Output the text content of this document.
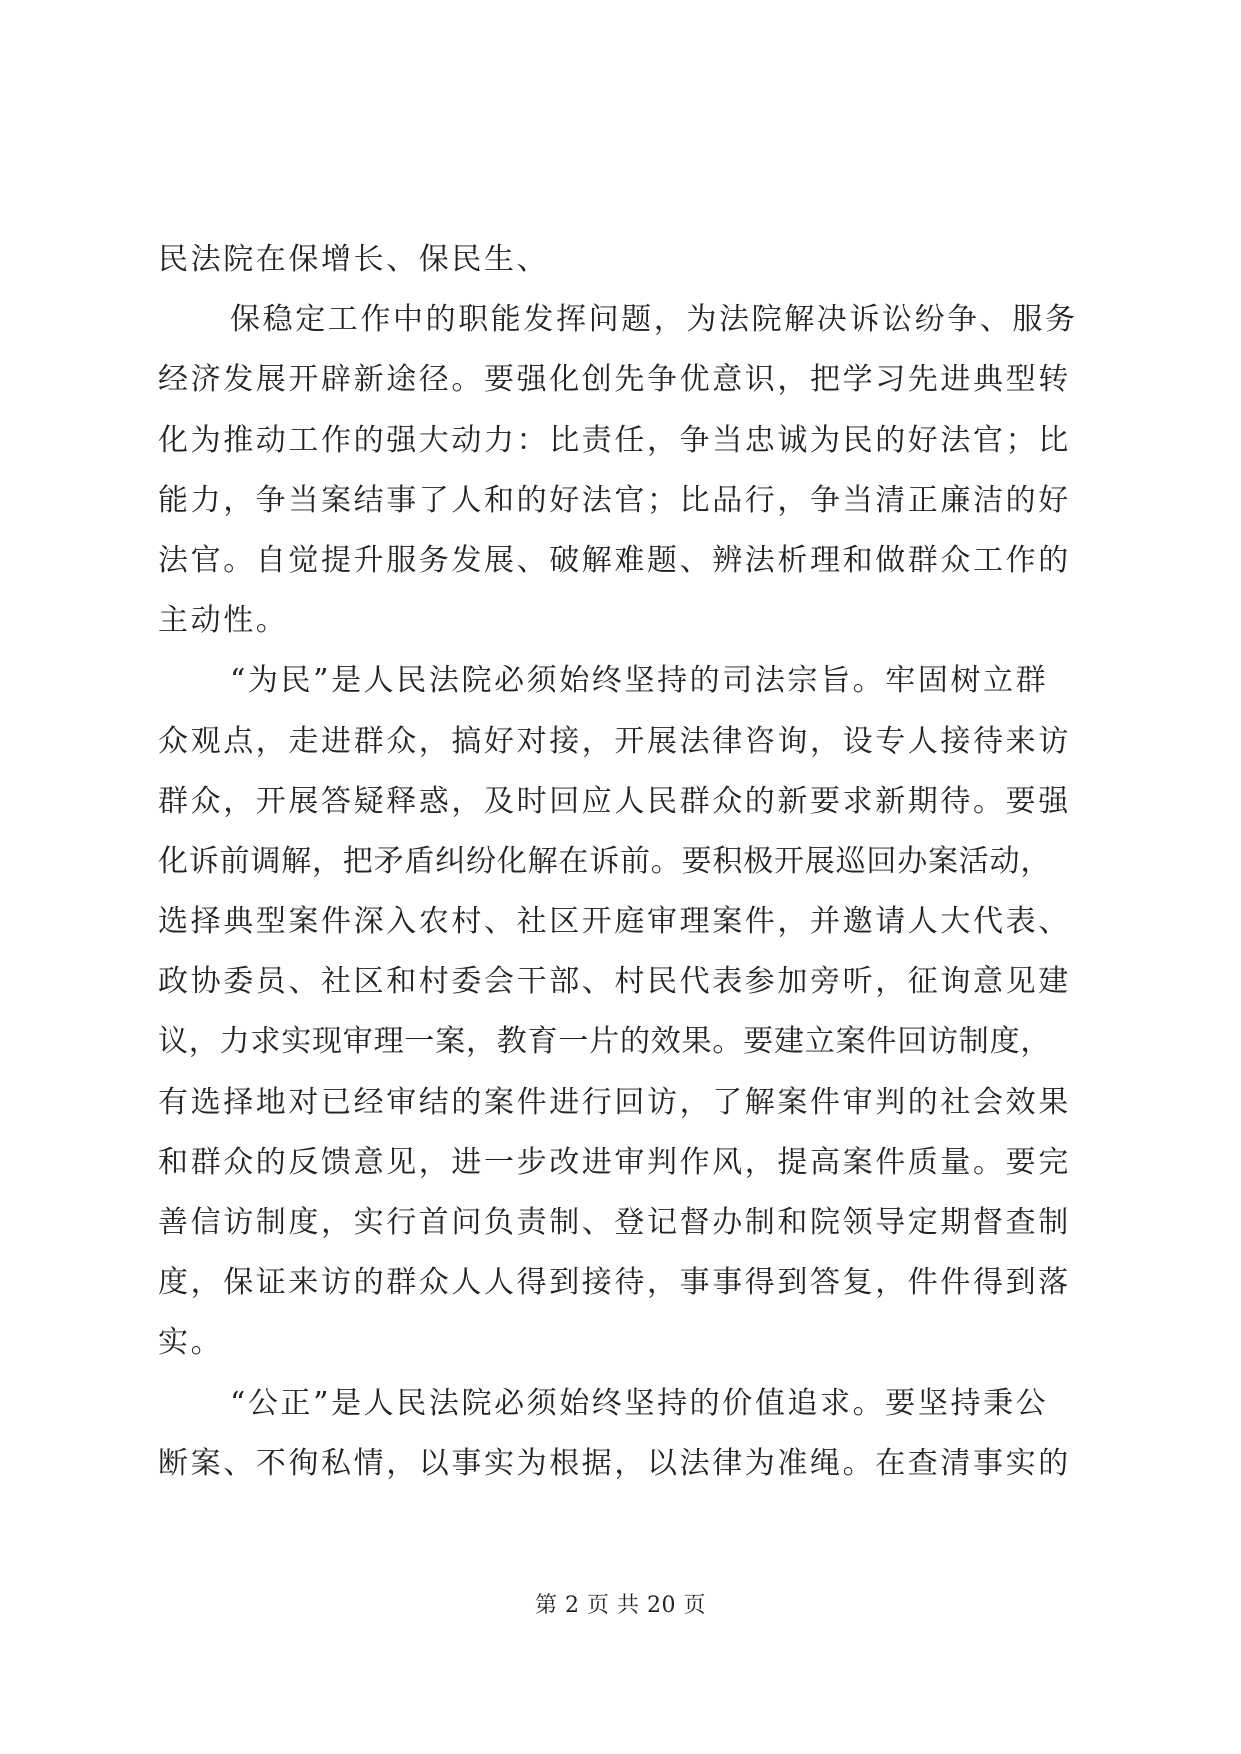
民法院在保增长、保民生、
保稳定工作中的职能发挥问题，为法院解决诉讼纷争、服务
经济发展开辟新途径。要强化创先争优意识，把学习先进典型转
化为推动工作的强大动力：比责任，争当忠诚为民的好法官；比
能力，争当案结事了人和的好法官；比品行，争当清正廉洁的好
法官。自觉提升服务发展、破解难题、辨法析理和做群众工作的
主动性。
“为民”是人民法院必须始终坚持的司法宗旨。牢固树立群
众观点，走进群众，搞好对接，开展法律咨询，设专人接待来访
群众，开展答疑释惑，及时回应人民群众的新要求新期待。要强
化诉前调解，把矛盾纠纷化解在诉前。要积极开展巡回办案活动，
选择典型案件深入农村、社区开庭审理案件，并邀请人大代表、
政协委员、社区和村委会干部、村民代表参加旁听，征询意见建
议，力求实现审理一案，教育一片的效果。要建立案件回访制度，
有选择地对已经审结的案件进行回访，了解案件审判的社会效果
和群众的反馈意见，进一步改进审判作风，提高案件质量。要完
善信访制度，实行首问负责制、登记督办制和院领导定期督查制
度，保证来访的群众人人得到接待，事事得到答复，件件得到落
实。
“公正”是人民法院必须始终坚持的价值追求。要坚持秉公
断案、不徇私情，以事实为根据，以法律为准绳。在查清事实的
第 2 页 共 20 页
